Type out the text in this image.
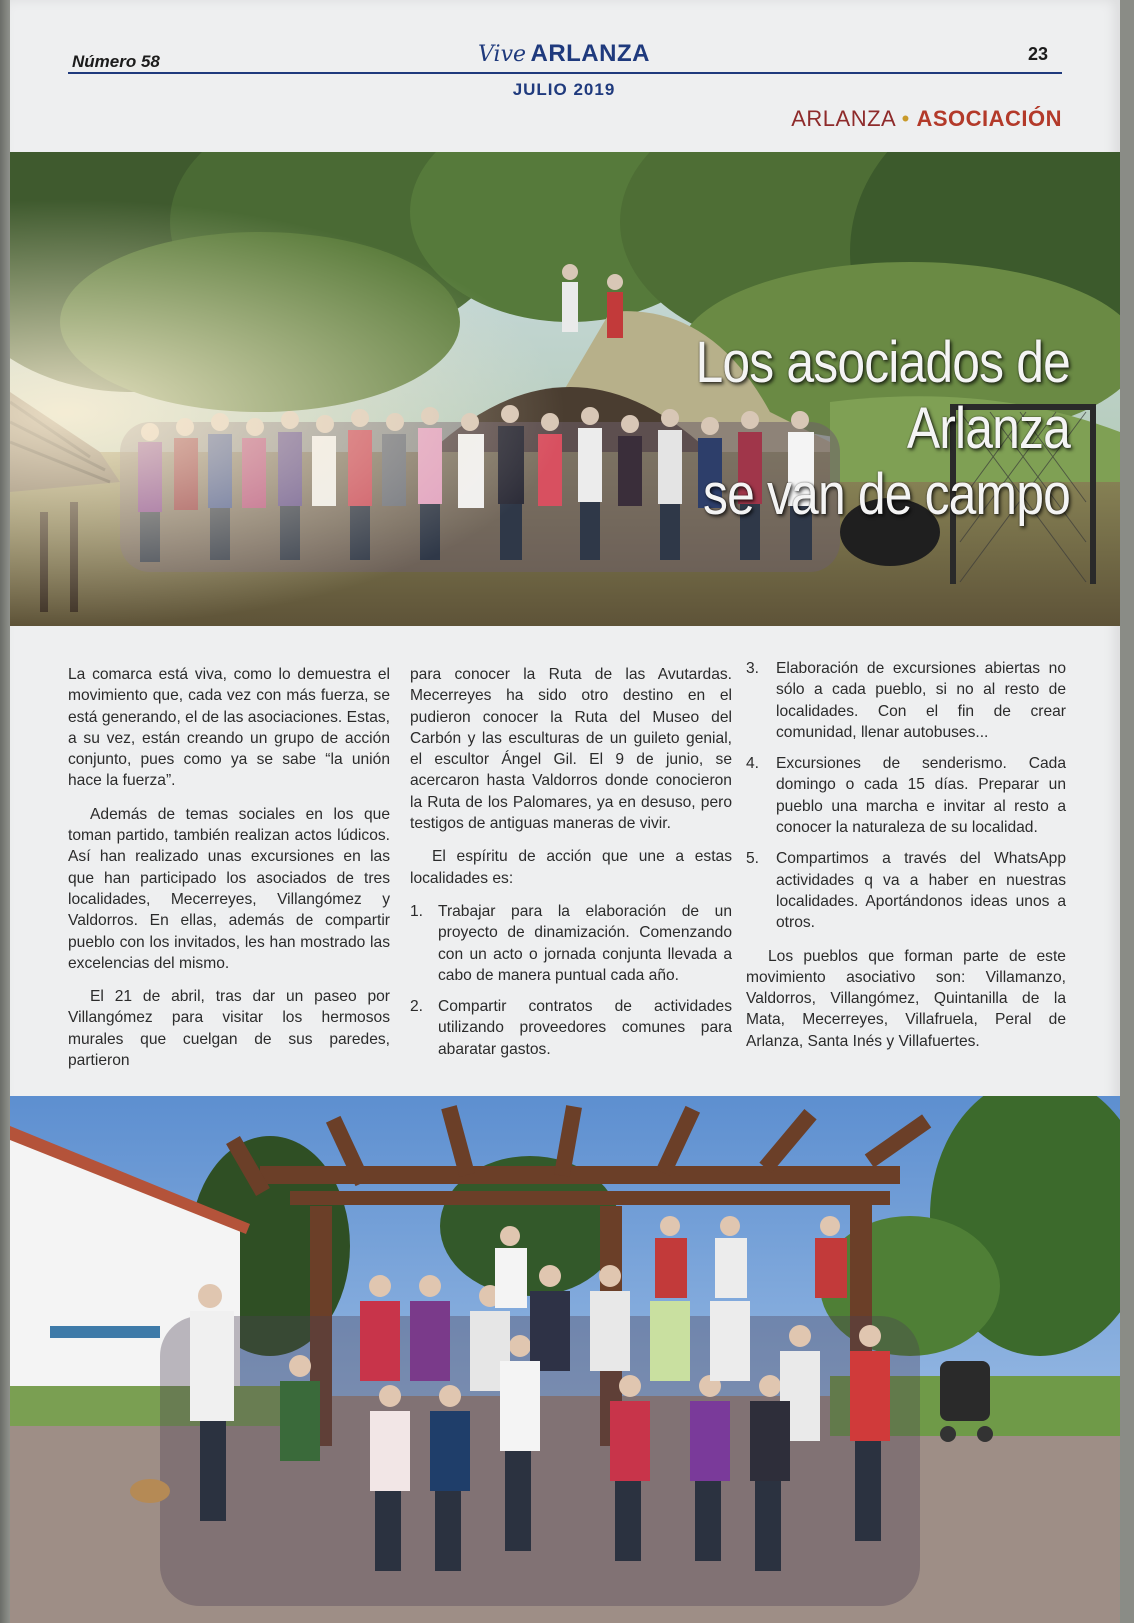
Número 58	Vive ARLANZA	23
JULIO 2019
ARLANZA • ASOCIACIÓN
Los asociados de Arlanza
se van de campo

La comarca está viva, como lo demuestra el movimiento que, cada vez con más fuerza, se está generando, el de las asociaciones. Estas, a su vez, están creando un grupo de acción conjunto, pues como ya se sabe “la unión hace la fuerza”.

Además de temas sociales en los que toman partido, también realizan actos lúdicos. Así han realizado unas excursiones en las que han participado los asociados de tres localidades, Mecerreyes, Villangómez y Valdorros. En ellas, además de compartir pueblo con los invitados, les han mostrado las excelencias del mismo.

El 21 de abril, tras dar un paseo por Villangómez para visitar los hermosos murales que cuelgan de sus paredes, partieron

para conocer la Ruta de las Avutardas. Mecerreyes ha sido otro destino en el pudieron conocer la Ruta del Museo del Carbón y las esculturas de un guileto genial, el escultor Ángel Gil. El 9 de junio, se acercaron hasta Valdorros donde conocieron la Ruta de los Palomares, ya en desuso, pero testigos de antiguas maneras de vivir.

El espíritu de acción que une a estas localidades es:

1. Trabajar para la elaboración de un proyecto de dinamización. Comenzando con un acto o jornada conjunta llevada a cabo de manera puntual cada año.
2. Compartir contratos de actividades utilizando proveedores comunes para abaratar gastos.
3. Elaboración de excursiones abiertas no sólo a cada pueblo, si no al resto de localidades. Con el fin de crear comunidad, llenar autobuses...
4. Excursiones de senderismo. Cada domingo o cada 15 días. Preparar un pueblo una marcha e invitar al resto a conocer la naturaleza de su localidad.
5. Compartimos a través del WhatsApp actividades q va a haber en nuestras localidades. Aportándonos ideas unos a otros.

Los pueblos que forman parte de este movimiento asociativo son: Villamanzo, Valdorros, Villangómez, Quintanilla de la Mata, Mecerreyes, Villafruela, Peral de Arlanza, Santa Inés y Villafuertes.
